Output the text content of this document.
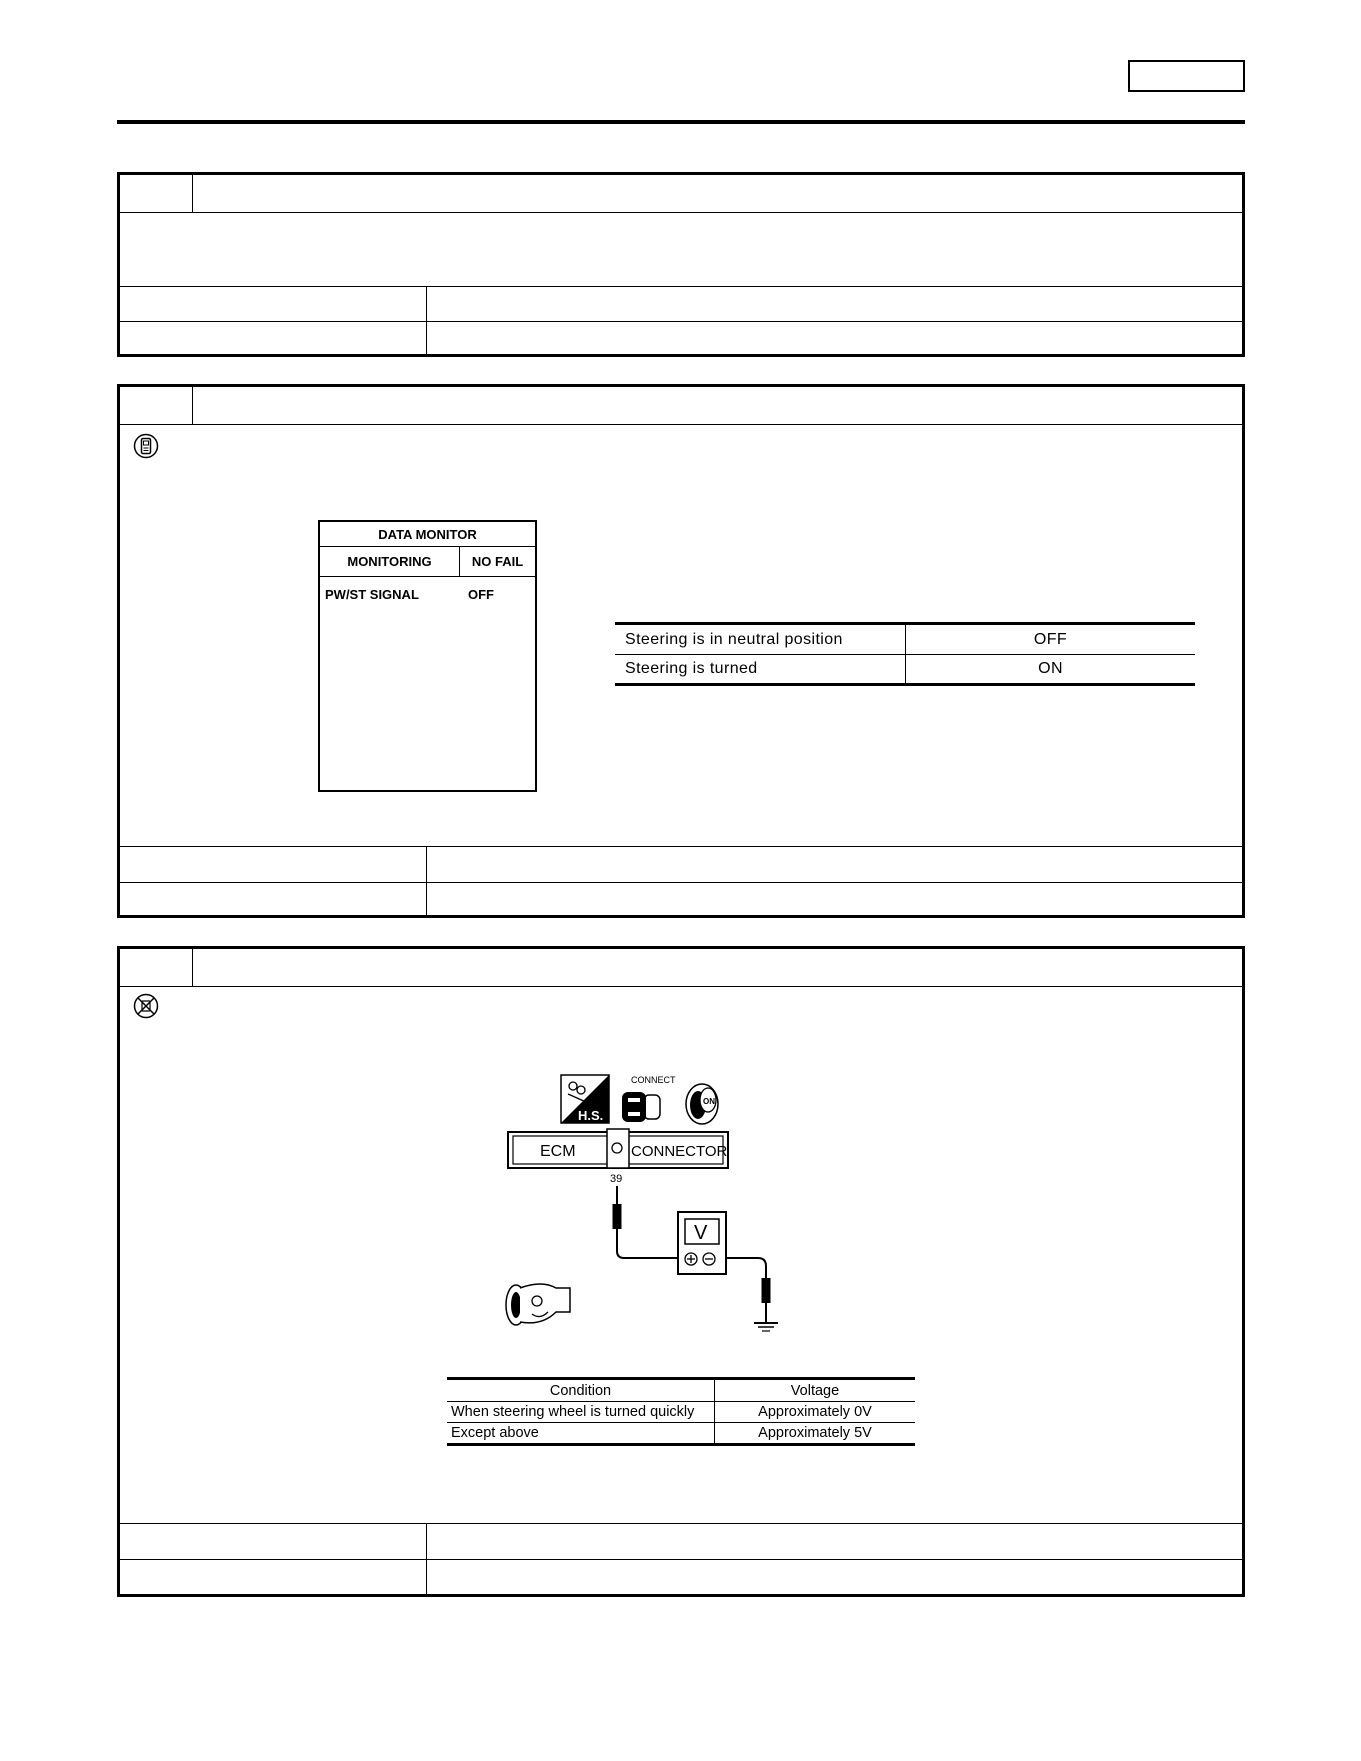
DATA MONITOR
MONITORING	NO FAIL
PW/ST SIGNAL	OFF
Steering is in neutral position	OFF
Steering is turned	ON
H.S.
CONNECT
ON
ECM	CONNECTOR
39
V
Condition	Voltage
When steering wheel is turned quickly	Approximately 0V
Except above	Approximately 5V
